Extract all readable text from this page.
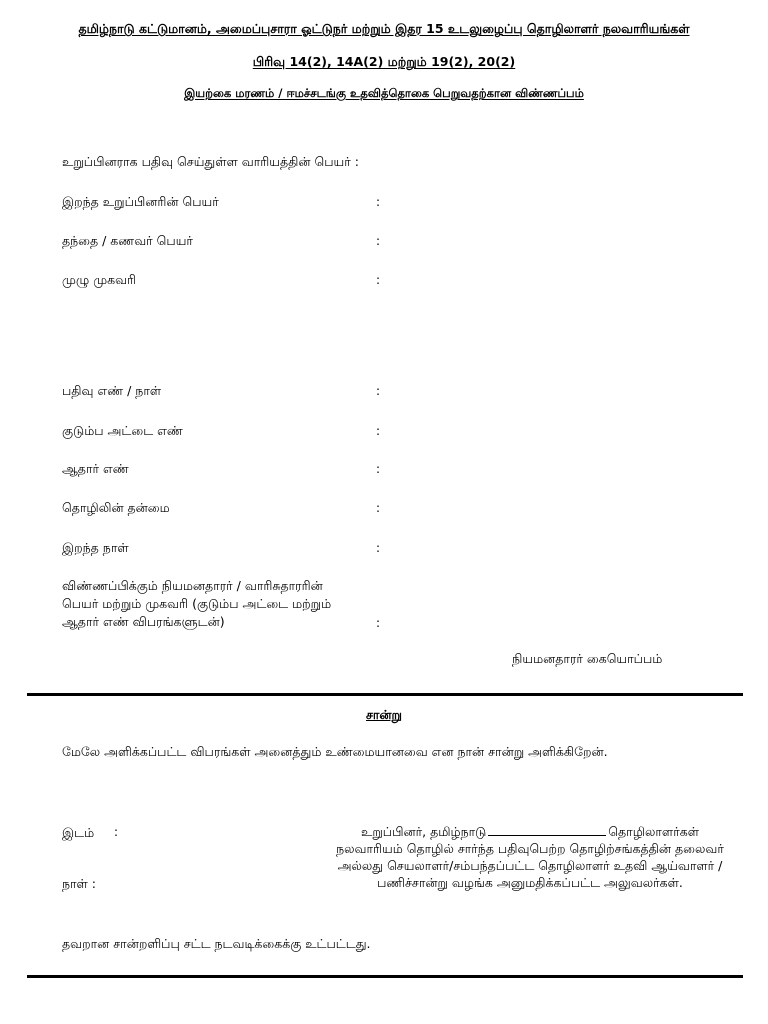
தமிழ்நாடு கட்டுமானம், அமைப்புசாரா ஓட்டுநர் மற்றும் இதர 15 உடலுழைப்பு தொழிலாளர் நலவாரியங்கள்
பிரிவு 14(2), 14A(2) மற்றும் 19(2), 20(2)
இயற்கை மரணம் / ஈமச்சடங்கு உதவித்தொகை பெறுவதற்கான விண்ணப்பம்
உறுப்பினராக பதிவு செய்துள்ள வாரியத்தின் பெயர் :
இறந்த உறுப்பினரின் பெயர்	:
தந்தை / கணவர் பெயர்	:
முழு முகவரி	:
பதிவு எண் / நாள்	:
குடும்ப அட்டை எண்	:
ஆதார் எண்	:
தொழிலின் தன்மை	:
இறந்த நாள்	:
விண்ணப்பிக்கும் நியமனதாரர் / வாரிசுதாரரின்
பெயர் மற்றும் முகவரி (குடும்ப அட்டை மற்றும்
ஆதார் எண் விபரங்களுடன்)	:
நியமனதாரர் கையொப்பம்
சான்று
மேலே அளிக்கப்பட்ட விபரங்கள் அனைத்தும் உண்மையானவை என நான் சான்று அளிக்கிறேன்.
இடம் :
நாள் :
உறுப்பினர், தமிழ்நாடு	தொழிலாளர்கள் நலவாரியம் தொழில் சார்ந்த பதிவுபெற்ற தொழிற்சங்கத்தின் தலைவர் அல்லது செயலாளர்/சம்பந்தப்பட்ட தொழிலாளர் உதவி ஆய்வாளர் / பணிச்சான்று வழங்க அனுமதிக்கப்பட்ட அலுவலர்கள்.
தவறான சான்றளிப்பு சட்ட நடவடிக்கைக்கு உட்பட்டது.
